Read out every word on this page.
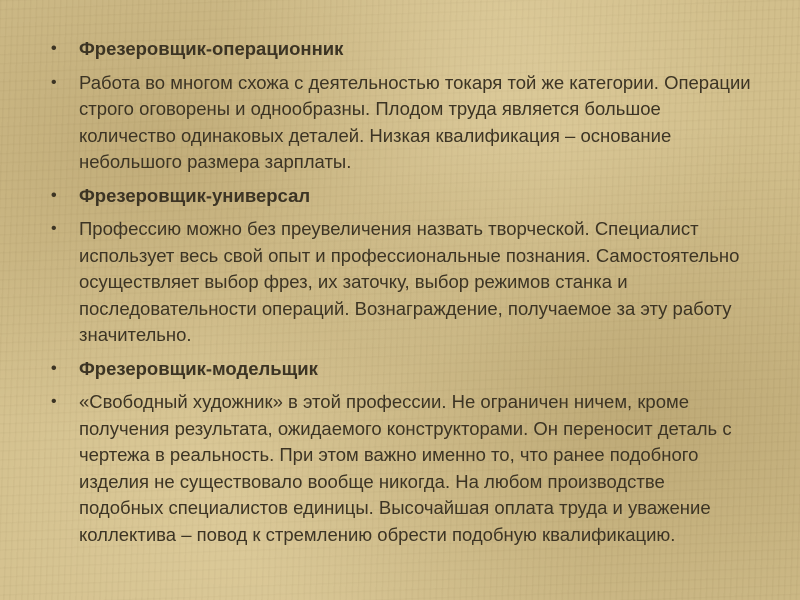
• Фрезеровщик-операционник
• Работа во многом схожа с деятельностью токаря той же категории. Операции строго оговорены и однообразны. Плодом труда является большое количество одинаковых деталей. Низкая квалификация – основание небольшого размера зарплаты.
• Фрезеровщик-универсал
• Профессию можно без преувеличения назвать творческой. Специалист использует весь свой опыт и профессиональные познания. Самостоятельно осуществляет выбор фрез, их заточку, выбор режимов станка и последовательности операций. Вознаграждение, получаемое за эту работу значительно.
• Фрезеровщик-модельщик
• «Свободный художник» в этой профессии. Не ограничен ничем, кроме получения результата, ожидаемого конструкторами. Он переносит деталь с чертежа в реальность. При этом важно именно то, что ранее подобного изделия не существовало вообще никогда. На любом производстве подобных специалистов единицы. Высочайшая оплата труда и уважение коллектива – повод к стремлению обрести подобную квалификацию.
